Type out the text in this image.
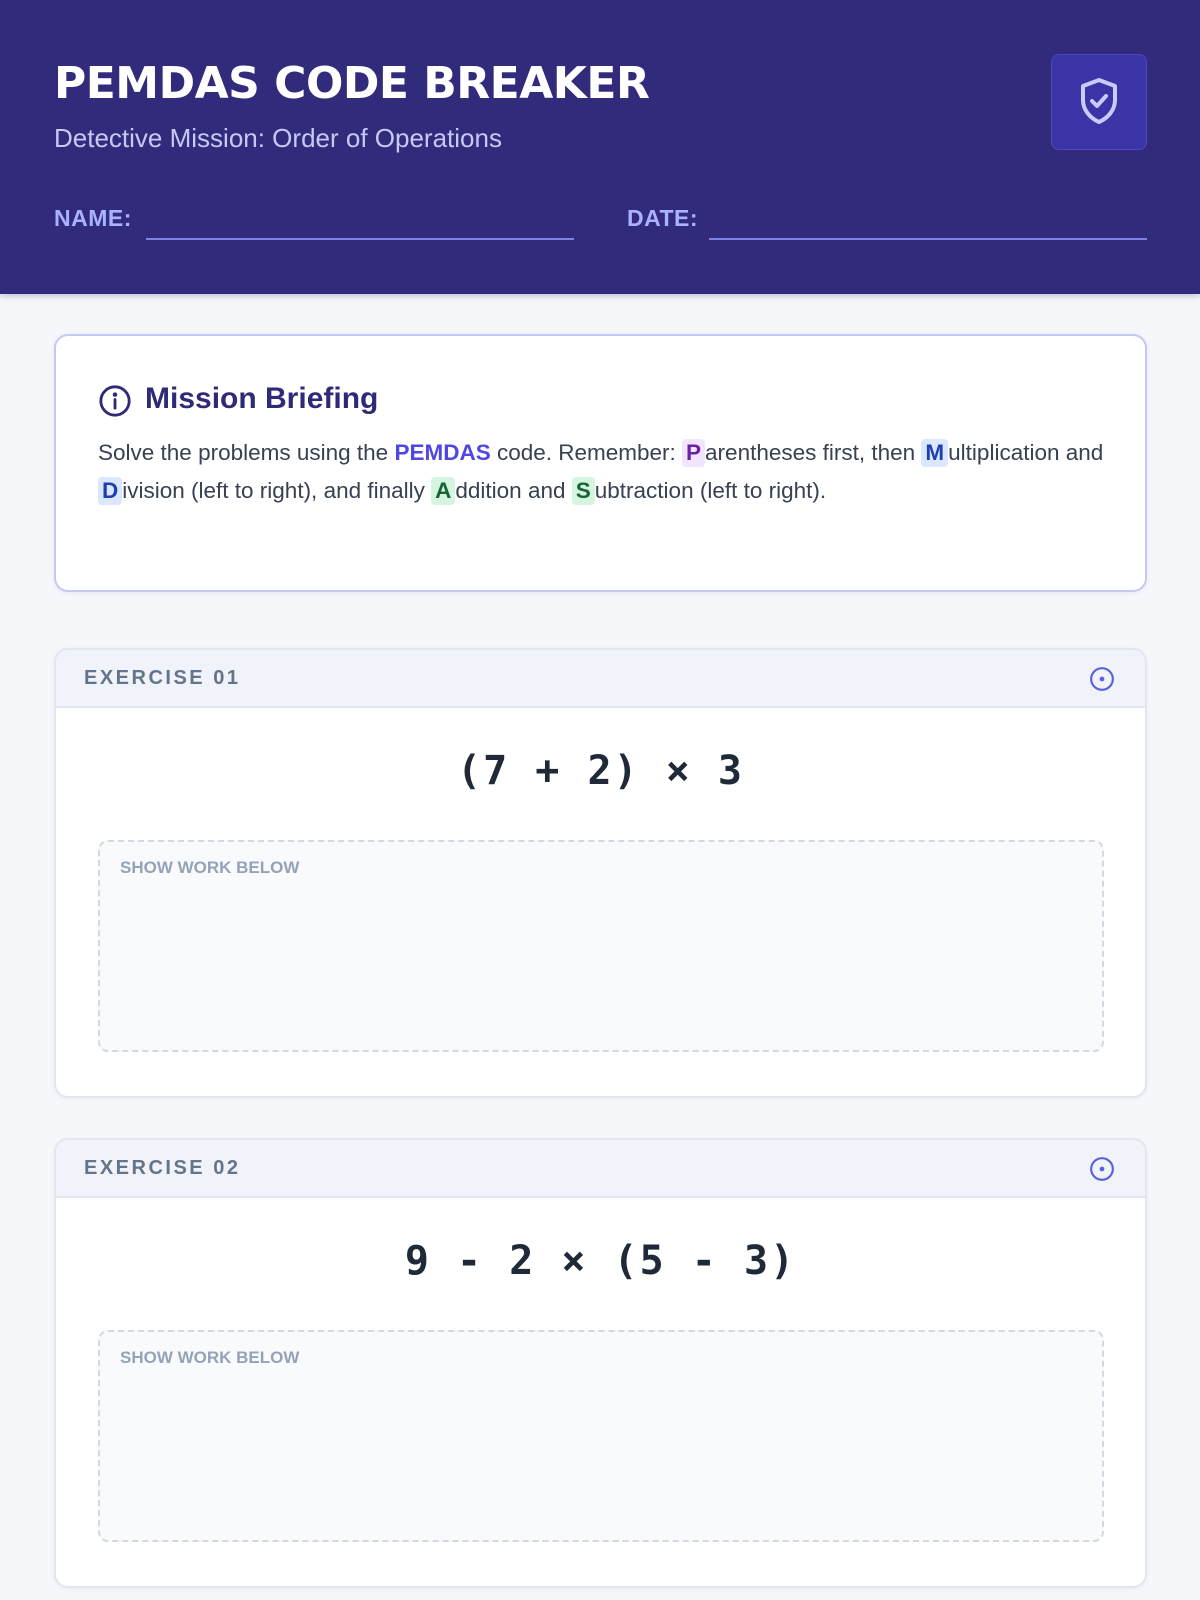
PEMDAS CODE BREAKER
Detective Mission: Order of Operations
NAME:	DATE:
Mission Briefing
Solve the problems using the PEMDAS code. Remember: P arentheses first, then M ultiplication and D ivision (left to right), and finally A ddition and S ubtraction (left to right).
EXERCISE 01
(7 + 2) × 3
SHOW WORK BELOW
EXERCISE 02
9 - 2 × (5 - 3)
SHOW WORK BELOW
